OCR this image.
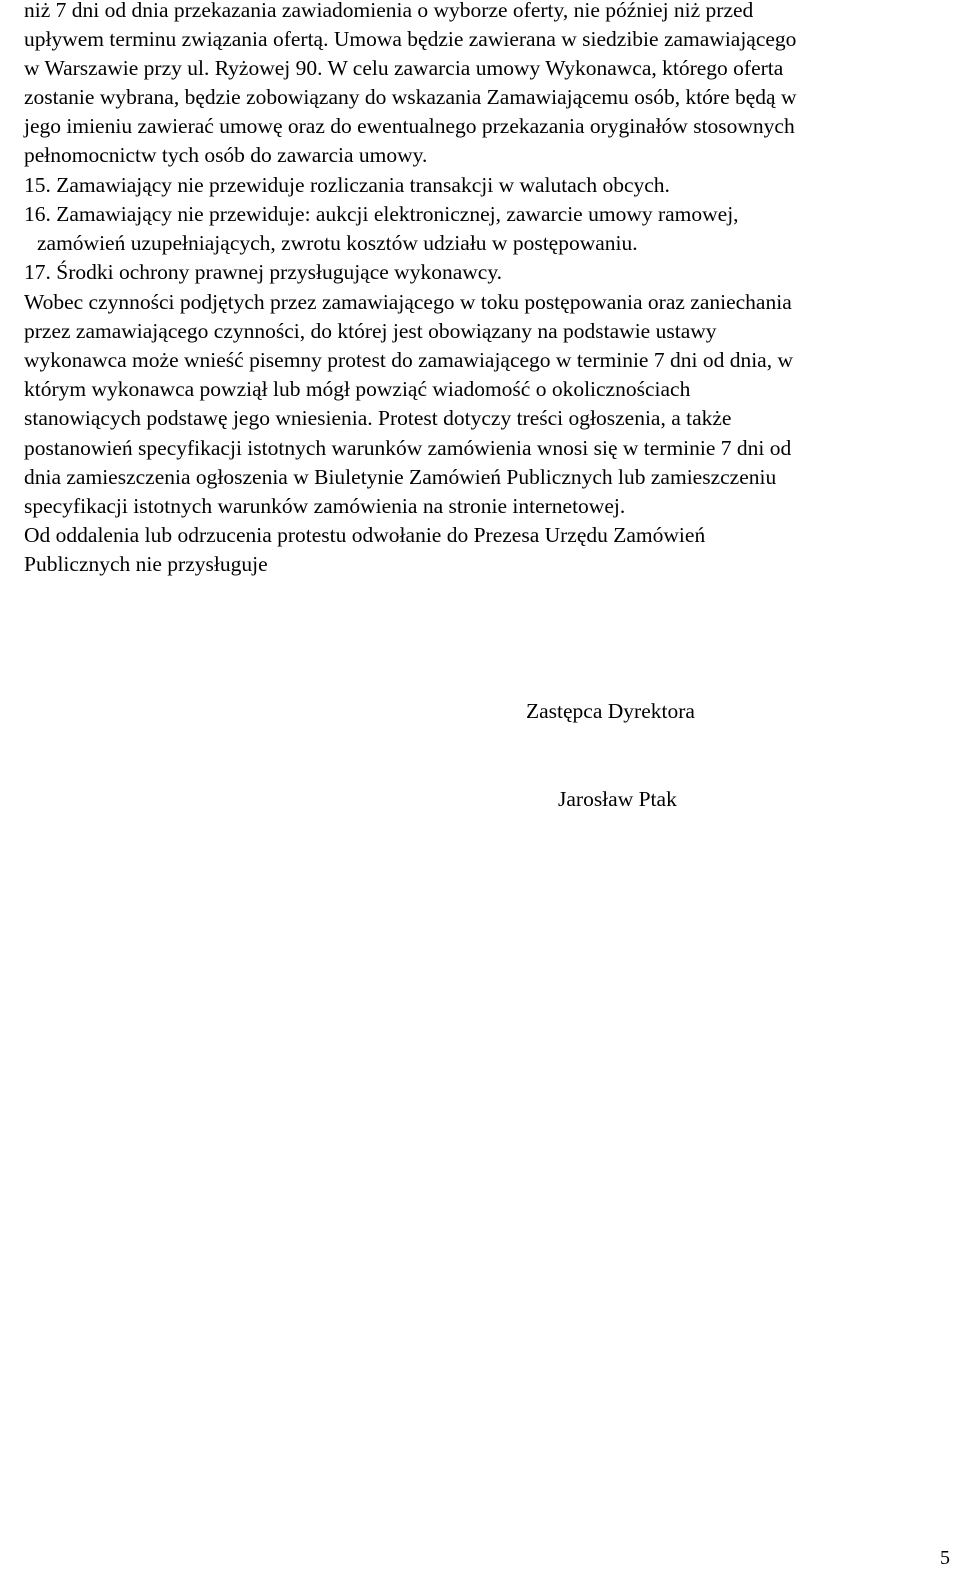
niż 7 dni od dnia przekazania zawiadomienia o wyborze oferty, nie później niż przed
upływem terminu związania ofertą. Umowa będzie zawierana w siedzibie zamawiającego
w Warszawie przy ul. Ryżowej 90. W celu zawarcia umowy Wykonawca, którego oferta
zostanie wybrana, będzie zobowiązany do wskazania Zamawiającemu osób, które będą w
jego imieniu zawierać umowę oraz do ewentualnego przekazania oryginałów stosownych
pełnomocnictw tych osób do zawarcia umowy.
15. Zamawiający nie przewiduje rozliczania transakcji w walutach obcych.
16. Zamawiający nie przewiduje: aukcji elektronicznej, zawarcie umowy ramowej,
zamówień uzupełniających, zwrotu kosztów udziału w postępowaniu.
17. Środki ochrony prawnej przysługujące wykonawcy.
Wobec czynności podjętych przez zamawiającego w toku postępowania oraz zaniechania
przez zamawiającego czynności, do której jest obowiązany na podstawie ustawy
wykonawca może wnieść pisemny protest do zamawiającego w terminie 7 dni od dnia, w
którym wykonawca powziął lub mógł powziąć wiadomość o okolicznościach
stanowiących podstawę jego wniesienia. Protest dotyczy treści ogłoszenia, a także
postanowień specyfikacji istotnych warunków zamówienia wnosi się w terminie 7 dni od
dnia zamieszczenia ogłoszenia w Biuletynie Zamówień Publicznych lub zamieszczeniu
specyfikacji istotnych warunków zamówienia na stronie internetowej.
Od oddalenia lub odrzucenia protestu odwołanie do Prezesa Urzędu Zamówień
Publicznych nie przysługuje
Zastępca Dyrektora
Jarosław Ptak
5
